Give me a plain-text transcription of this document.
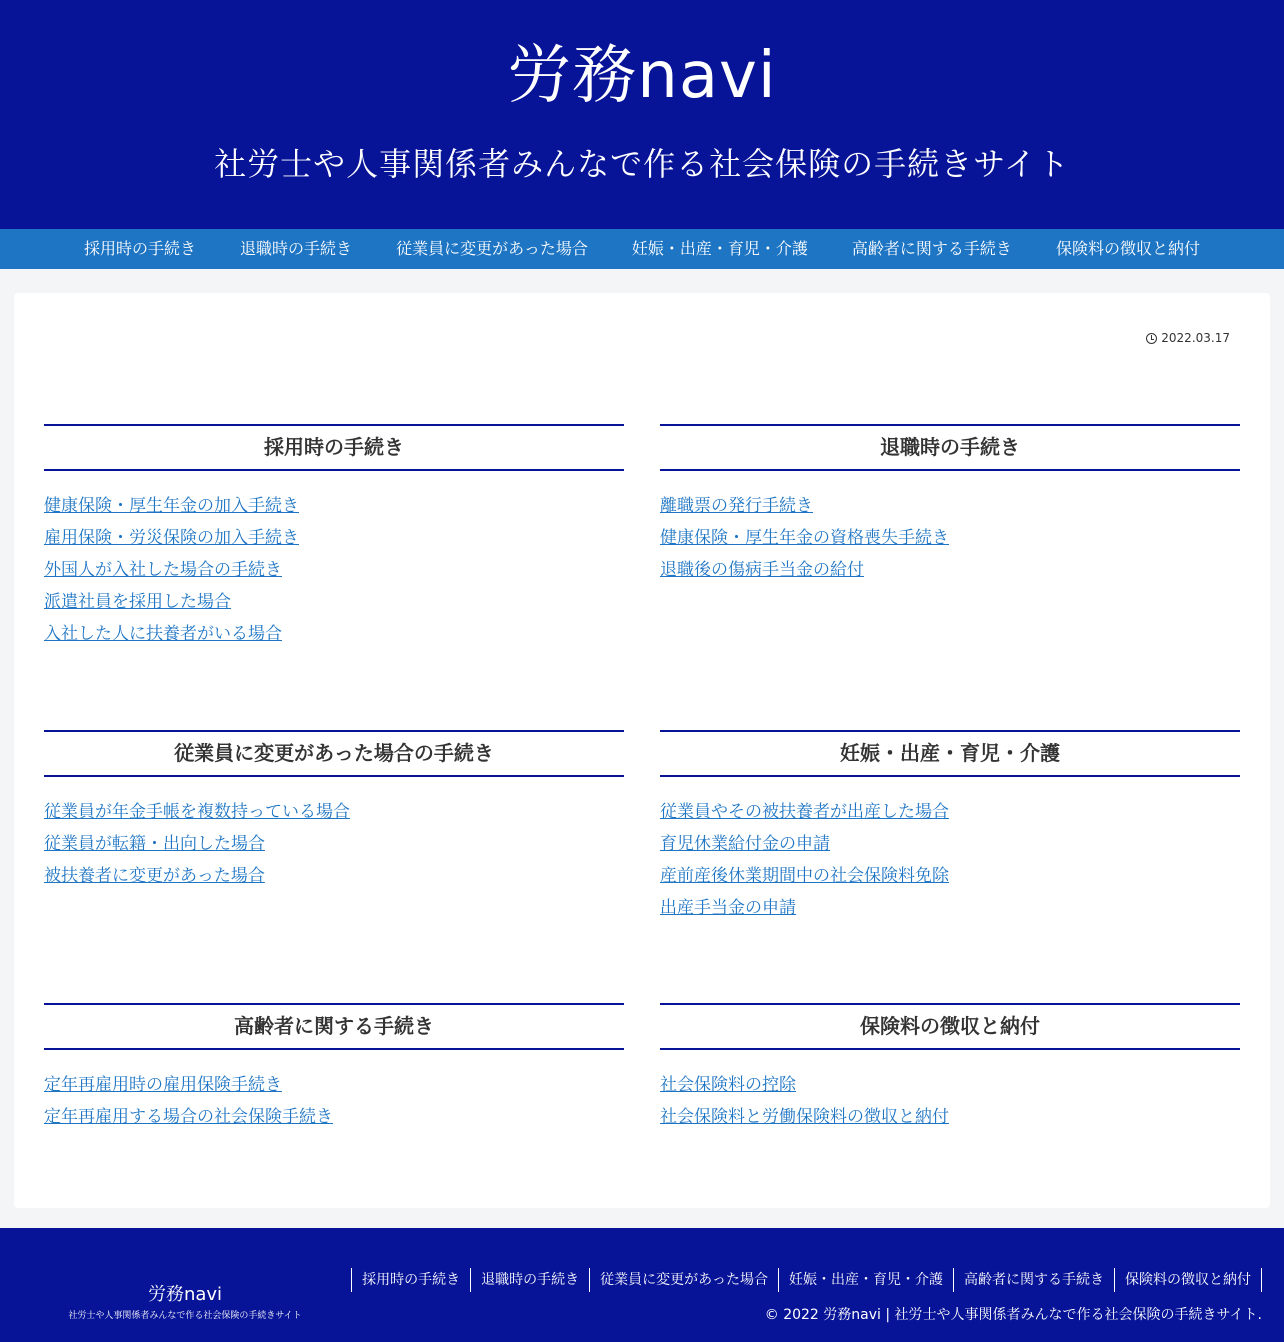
労務navi
社労士や人事関係者みんなで作る社会保険の手続きサイト
採用時の手続き	退職時の手続き	従業員に変更があった場合	妊娠・出産・育児・介護	高齢者に関する手続き	保険料の徴収と納付
2022.03.17
採用時の手続き
健康保険・厚生年金の加入手続き
雇用保険・労災保険の加入手続き
外国人が入社した場合の手続き
派遣社員を採用した場合
入社した人に扶養者がいる場合
退職時の手続き
離職票の発行手続き
健康保険・厚生年金の資格喪失手続き
退職後の傷病手当金の給付
従業員に変更があった場合の手続き
従業員が年金手帳を複数持っている場合
従業員が転籍・出向した場合
被扶養者に変更があった場合
妊娠・出産・育児・介護
従業員やその被扶養者が出産した場合
育児休業給付金の申請
産前産後休業期間中の社会保険料免除
出産手当金の申請
高齢者に関する手続き
定年再雇用時の雇用保険手続き
定年再雇用する場合の社会保険手続き
保険料の徴収と納付
社会保険料の控除
社会保険料と労働保険料の徴収と納付
労務navi
社労士や人事関係者みんなで作る社会保険の手続きサイト
採用時の手続き	退職時の手続き	従業員に変更があった場合	妊娠・出産・育児・介護	高齢者に関する手続き	保険料の徴収と納付
© 2022 労務navi | 社労士や人事関係者みんなで作る社会保険の手続きサイト.
